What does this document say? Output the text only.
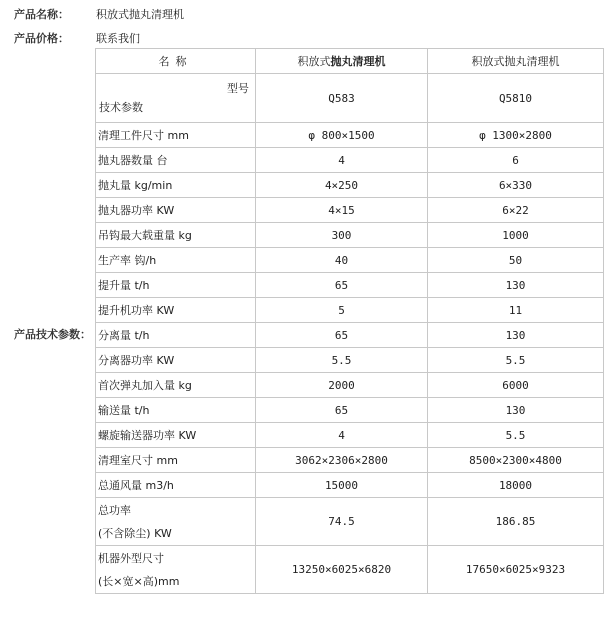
产品名称： 积放式抛丸清理机
产品价格： 联系我们
产品技术参数：
名称	积放式抛丸清理机	积放式抛丸清理机

型号
技术参数	Q583	Q5810
清理工件尺寸 mm	φ 800×1500	φ 1300×2800
抛丸器数量 台	4	6
抛丸量 kg/min	4×250	6×330
抛丸器功率 KW	4×15	6×22
吊钩最大载重量 kg	300	1000
生产率 钩/h	40	50
提升量 t/h	65	130
提升机功率 KW	5	11
分离量 t/h	65	130
分离器功率 KW	5.5	5.5
首次弹丸加入量 kg	2000	6000
输送量 t/h	65	130
螺旋输送器功率 KW	4	5.5
清理室尺寸 mm	3062×2306×2800	8500×2300×4800
总通风量 m3/h	15000	18000

总功率
(不含除尘) KW	74.5	186.85

机器外型尺寸
(长×宽×高)mm	13250×6025×6820	17650×6025×9323
